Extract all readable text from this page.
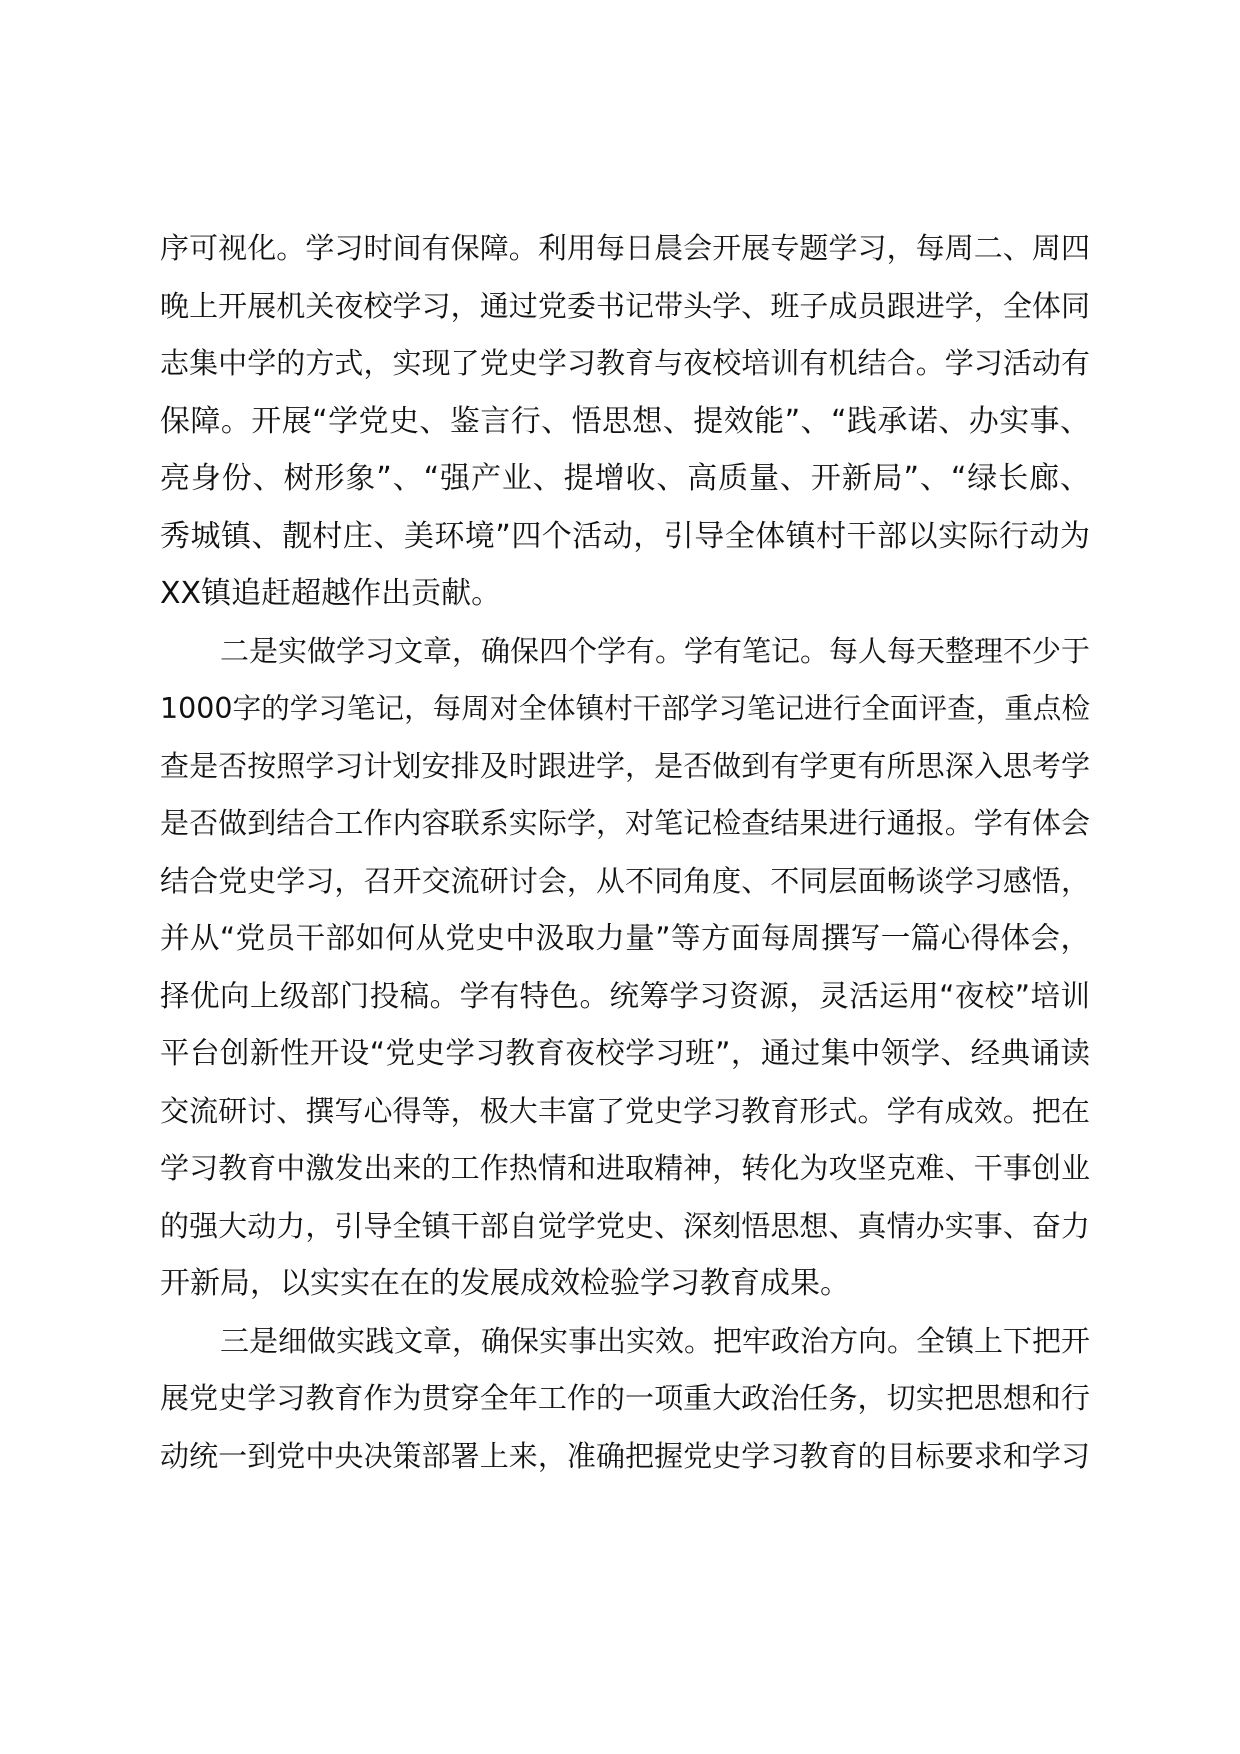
序可视化。学习时间有保障。利用每日晨会开展专题学习，每周二、周四
晚上开展机关夜校学习，通过党委书记带头学、班子成员跟进学，全体同
志集中学的方式，实现了党史学习教育与夜校培训有机结合。学习活动有
保障。开展“学党史、鉴言行、悟思想、提效能”、“践承诺、办实事、
亮身份、树形象”、“强产业、提增收、高质量、开新局”、“绿长廊、
秀城镇、靓村庄、美环境”四个活动，引导全体镇村干部以实际行动为
XX镇追赶超越作出贡献。
二是实做学习文章，确保四个学有。学有笔记。每人每天整理不少于
1000字的学习笔记，每周对全体镇村干部学习笔记进行全面评查，重点检
查是否按照学习计划安排及时跟进学，是否做到有学更有所思深入思考学
是否做到结合工作内容联系实际学，对笔记检查结果进行通报。学有体会
结合党史学习，召开交流研讨会，从不同角度、不同层面畅谈学习感悟，
并从“党员干部如何从党史中汲取力量”等方面每周撰写一篇心得体会，
择优向上级部门投稿。学有特色。统筹学习资源，灵活运用“夜校”培训
平台创新性开设“党史学习教育夜校学习班”，通过集中领学、经典诵读
交流研讨、撰写心得等，极大丰富了党史学习教育形式。学有成效。把在
学习教育中激发出来的工作热情和进取精神，转化为攻坚克难、干事创业
的强大动力，引导全镇干部自觉学党史、深刻悟思想、真情办实事、奋力
开新局，以实实在在的发展成效检验学习教育成果。
三是细做实践文章，确保实事出实效。把牢政治方向。全镇上下把开
展党史学习教育作为贯穿全年工作的一项重大政治任务，切实把思想和行
动统一到党中央决策部署上来，准确把握党史学习教育的目标要求和学习
